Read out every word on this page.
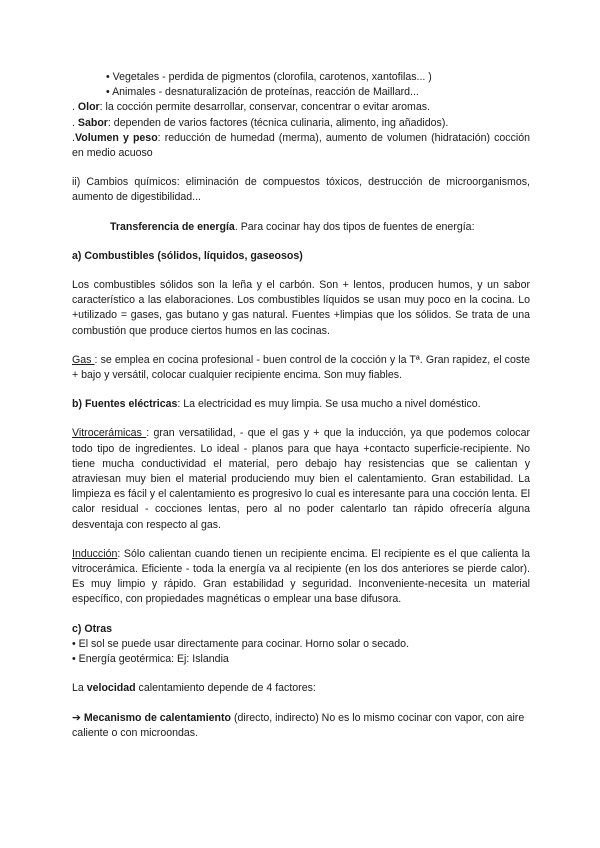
• Vegetales - perdida de pigmentos (clorofila, carotenos, xantofilas... )

• Animales - desnaturalización de proteínas, reacción de Maillard...

. Olor: la cocción permite desarrollar, conservar, concentrar o evitar aromas.

. Sabor: dependen de varios factores (técnica culinaria, alimento, ing añadidos).

.Volumen y peso: reducción de humedad (merma), aumento de volumen (hidratación) cocción en medio acuoso

ii) Cambios químicos: eliminación de compuestos tóxicos, destrucción de microorganismos, aumento de digestibilidad...

Transferencia de energía. Para cocinar hay dos tipos de fuentes de energía:

a) Combustibles (sólidos, líquidos, gaseosos)

Los combustibles sólidos son la leña y el carbón. Son + lentos, producen humos, y un sabor característico a las elaboraciones. Los combustibles líquidos se usan muy poco en la cocina. Lo +utilizado = gases, gas butano y gas natural. Fuentes +limpias que los sólidos. Se trata de una combustión que produce ciertos humos en las cocinas.

Gas : se emplea en cocina profesional - buen control de la cocción y la Tª. Gran rapidez, el coste + bajo y versátil, colocar cualquier recipiente encima. Son muy fiables.

b) Fuentes eléctricas: La electricidad es muy limpia. Se usa mucho a nivel doméstico.

Vitrocerámicas : gran versatilidad, - que el gas y + que la inducción, ya que podemos colocar todo tipo de ingredientes. Lo ideal - planos para que haya +contacto superficie-recipiente. No tiene mucha conductividad el material, pero debajo hay resistencias que se calientan y atraviesan muy bien el material produciendo muy bien el calentamiento. Gran estabilidad. La limpieza es fácil y el calentamiento es progresivo lo cual es interesante para una cocción lenta. El calor residual - cocciones lentas, pero al no poder calentarlo tan rápido ofrecería alguna desventaja con respecto al gas.

Inducción: Sólo calientan cuando tienen un recipiente encima. El recipiente es el que calienta la vitrocerámica. Eficiente - toda la energía va al recipiente (en los dos anteriores se pierde calor). Es muy limpio y rápido. Gran estabilidad y seguridad. Inconveniente-necesita un material específico, con propiedades magnéticas o emplear una base difusora.

c) Otras

• El sol se puede usar directamente para cocinar. Horno solar o secado.

• Energía geotérmica: Ej: Islandia

La velocidad calentamiento depende de 4 factores:

➔ Mecanismo de calentamiento (directo, indirecto) No es lo mismo cocinar con vapor, con aire caliente o con microondas.
